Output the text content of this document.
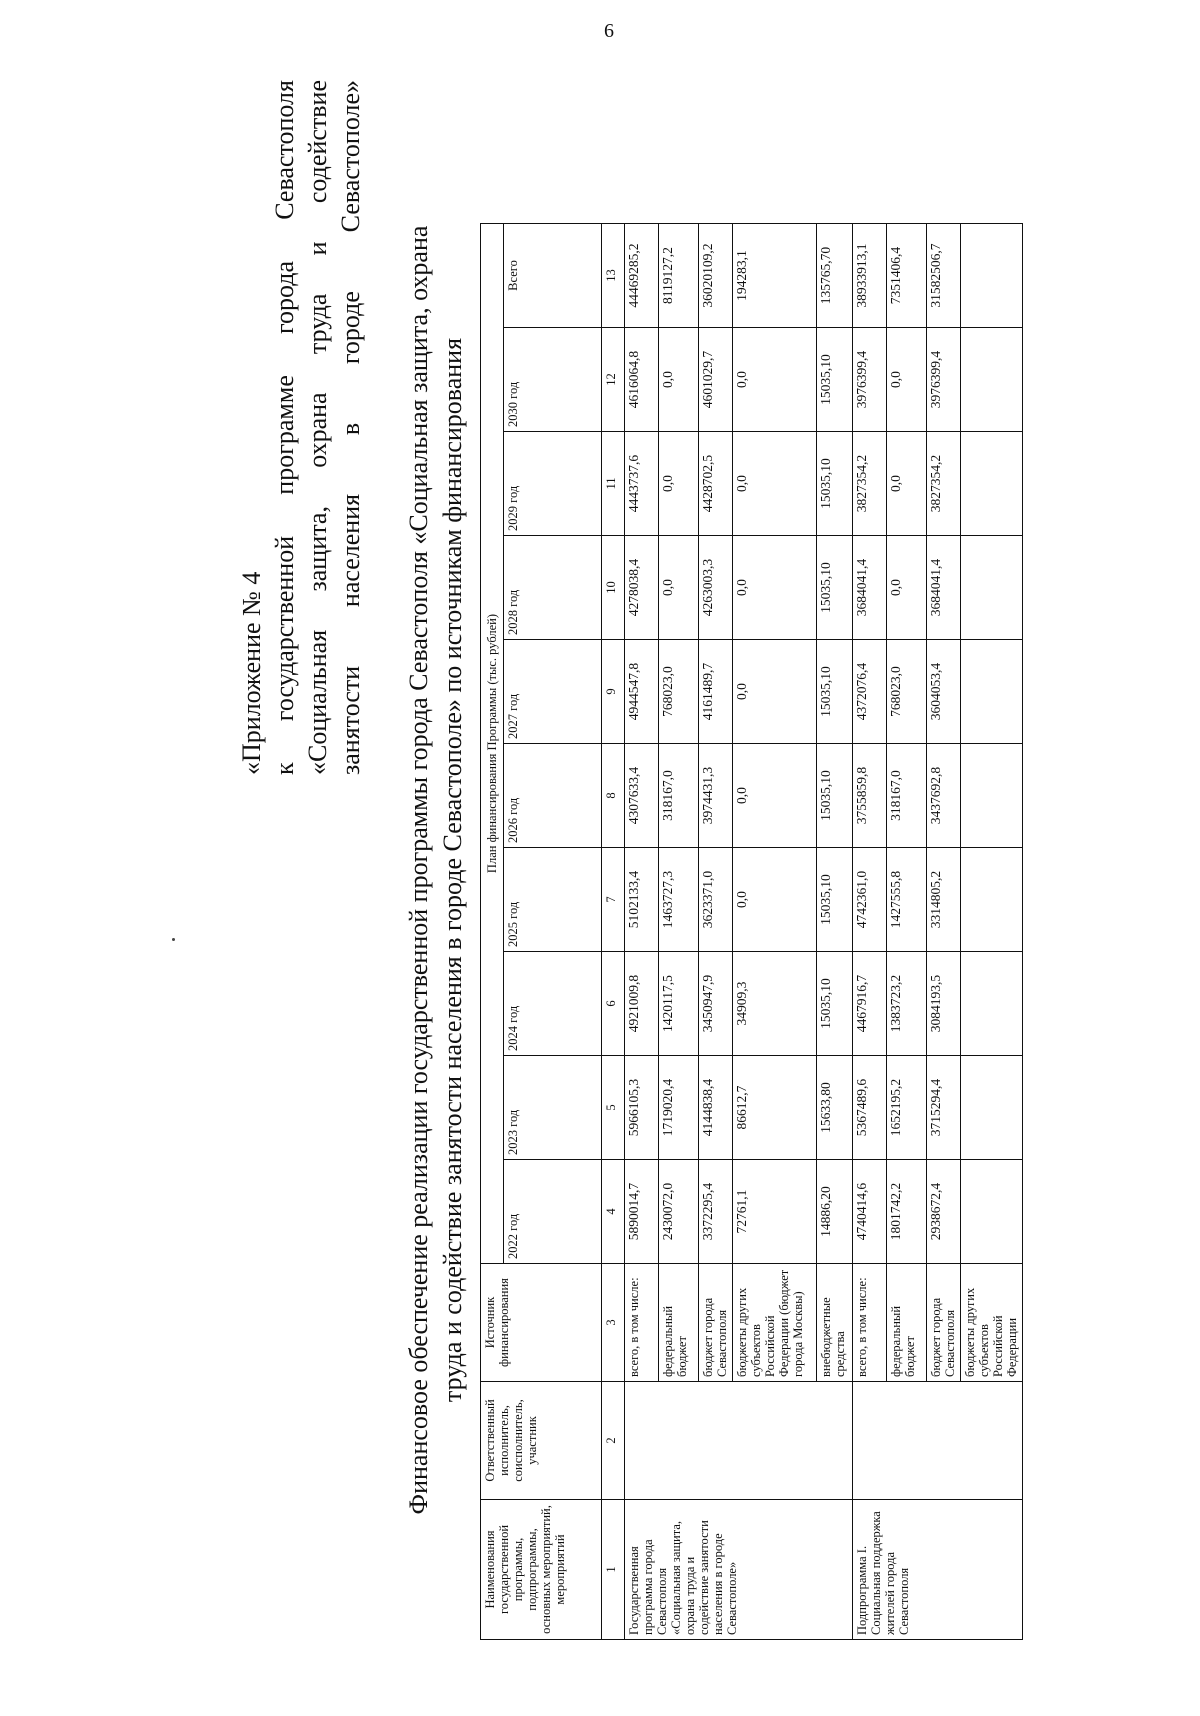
6
«Приложение № 4 к государственной программе города Севастополя «Социальная защита, охрана труда и содействие занятости населения в городе Севастополе» Финансовое обеспечение реализации государственной программы города Севастополя «Социальная защита, охрана труда и содействие занятости населения в городе Севастополе» по источникам финансирования
Наименования государственной программы, подпрограммы, основных мероприятий, мероприятий	Ответственный исполнитель, соисполнитель, участник	Источник финансирования	План финансирования Программы (тыс. рублей)									
			2022 год	2023 год	2024 год	2025 год	2026 год	2027 год	2028 год	2029 год	2030 год	Всего
1	2	3	4	5	6	7	8	9	10	11	12	13
Государственная программа города Севастополя «Социальная защита, охрана труда и содействие занятости населения в городе Севастополе»		всего, в том числе:	5890014,7	5966105,3	4921009,8	5102133,4	4307633,4	4944547,8	4278038,4	4443737,6	4616064,8	44469285,2
		федеральный бюджет	2430072,0	1719020,4	1420117,5	1463727,3	318167,0	768023,0	0,0	0,0	0,0	8119127,2
		бюджет города Севастополя	3372295,4	4144838,4	3450947,9	3623371,0	3974431,3	4161489,7	4263003,3	4428702,5	4601029,7	36020109,2
		бюджеты других субъектов Российской Федерации (бюджет города Москвы)	72761,1	86612,7	34909,3	0,0	0,0	0,0	0,0	0,0	0,0	194283,1
		внебюджетные средства	14886,20	15633,80	15035,10	15035,10	15035,10	15035,10	15035,10	15035,10	15035,10	135765,70
Подпрограмма I. Социальная поддержка жителей города Севастополя		всего, в том числе:	4740414,6	5367489,6	4467916,7	4742361,0	3755859,8	4372076,4	3684041,4	3827354,2	3976399,4	38933913,1
		федеральный бюджет	1801742,2	1652195,2	1383723,2	1427555,8	318167,0	768023,0	0,0	0,0	0,0	7351406,4
		бюджет города Севастополя	2938672,4	3715294,4	3084193,5	3314805,2	3437692,8	3604053,4	3684041,4	3827354,2	3976399,4	31582506,7
		бюджеты других субъектов Российской Федерации										
